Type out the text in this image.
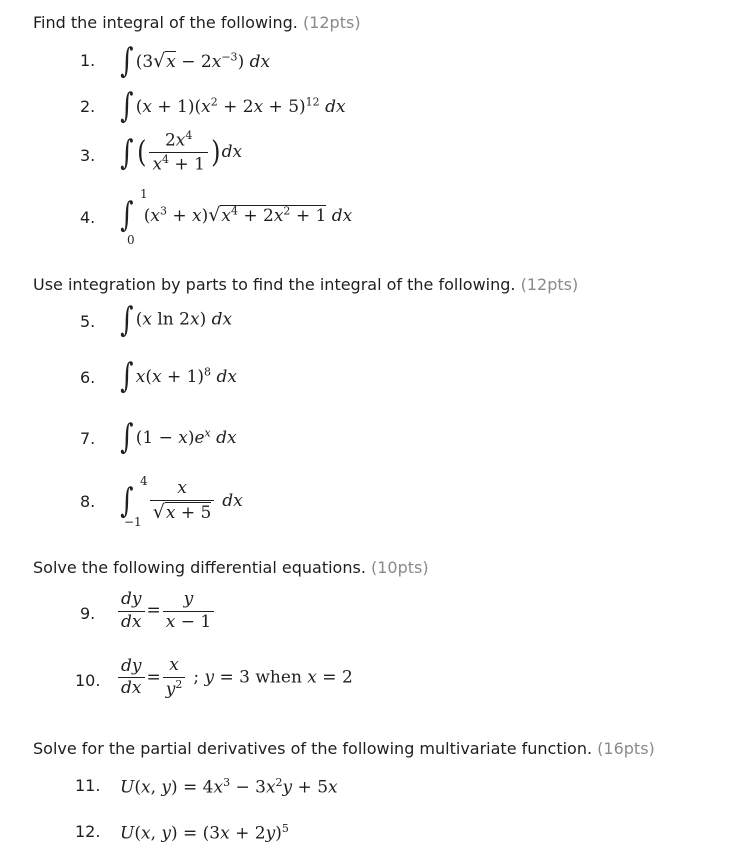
Find the integral of the following. (12pts)
1. ∫ $(3√x - 2x^{-3})$ dx
2. ∫ $(x + 1)(x^2 + 2x + 5)^{12}$ dx
3. ∫ ( $\frac{2x^4}{x^4 + 1} )dx$
4.
1
0
∫ $(x^3 + x)√x^4 + 2x^2 + 1$ dx
Use integration by parts to find the integral of the following. (12pts)
5. ∫ (x ln 2x) dx
6. ∫ $x(x + 1)^8$ dx
7. ∫ $(1 - x)e^x$ dx
8.
4
−1
∫ $\frac{x}{√x + 5}$ dx
Solve the following differential equations. (10pts)
9. $\frac{dy}{dx} = \frac{y}{x - 1}$
10. $\frac{dy}{dx} = \frac{x}{y^2}$ ; y = 3 when x = 2
Solve for the partial derivatives of the following multivariate function. (16pts)
11. U(x, $y) = 4x^3 - 3x^2y + 5x$
12. U(x, $y) = (3x + 2y)^5$
